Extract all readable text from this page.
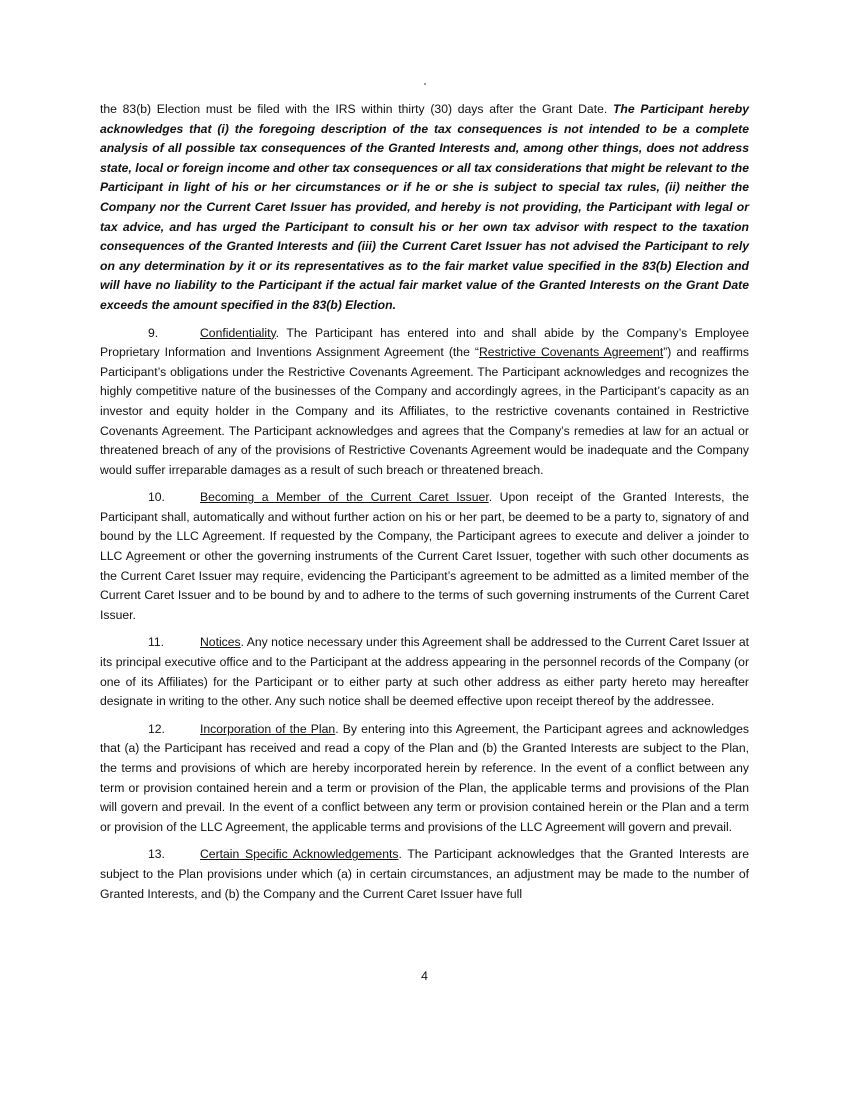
the 83(b) Election must be filed with the IRS within thirty (30) days after the Grant Date. The Participant hereby acknowledges that (i) the foregoing description of the tax consequences is not intended to be a complete analysis of all possible tax consequences of the Granted Interests and, among other things, does not address state, local or foreign income and other tax consequences or all tax considerations that might be relevant to the Participant in light of his or her circumstances or if he or she is subject to special tax rules, (ii) neither the Company nor the Current Caret Issuer has provided, and hereby is not providing, the Participant with legal or tax advice, and has urged the Participant to consult his or her own tax advisor with respect to the taxation consequences of the Granted Interests and (iii) the Current Caret Issuer has not advised the Participant to rely on any determination by it or its representatives as to the fair market value specified in the 83(b) Election and will have no liability to the Participant if the actual fair market value of the Granted Interests on the Grant Date exceeds the amount specified in the 83(b) Election.

9.	Confidentiality. The Participant has entered into and shall abide by the Company’s Employee Proprietary Information and Inventions Assignment Agreement (the “Restrictive Covenants Agreement”) and reaffirms Participant’s obligations under the Restrictive Covenants Agreement. The Participant acknowledges and recognizes the highly competitive nature of the businesses of the Company and accordingly agrees, in the Participant’s capacity as an investor and equity holder in the Company and its Affiliates, to the restrictive covenants contained in Restrictive Covenants Agreement. The Participant acknowledges and agrees that the Company’s remedies at law for an actual or threatened breach of any of the provisions of Restrictive Covenants Agreement would be inadequate and the Company would suffer irreparable damages as a result of such breach or threatened breach.

10.	Becoming a Member of the Current Caret Issuer. Upon receipt of the Granted Interests, the Participant shall, automatically and without further action on his or her part, be deemed to be a party to, signatory of and bound by the LLC Agreement. If requested by the Company, the Participant agrees to execute and deliver a joinder to LLC Agreement or other the governing instruments of the Current Caret Issuer, together with such other documents as the Current Caret Issuer may require, evidencing the Participant’s agreement to be admitted as a limited member of the Current Caret Issuer and to be bound by and to adhere to the terms of such governing instruments of the Current Caret Issuer.

11.	Notices. Any notice necessary under this Agreement shall be addressed to the Current Caret Issuer at its principal executive office and to the Participant at the address appearing in the personnel records of the Company (or one of its Affiliates) for the Participant or to either party at such other address as either party hereto may hereafter designate in writing to the other. Any such notice shall be deemed effective upon receipt thereof by the addressee.

12.	Incorporation of the Plan. By entering into this Agreement, the Participant agrees and acknowledges that (a) the Participant has received and read a copy of the Plan and (b) the Granted Interests are subject to the Plan, the terms and provisions of which are hereby incorporated herein by reference. In the event of a conflict between any term or provision contained herein and a term or provision of the Plan, the applicable terms and provisions of the Plan will govern and prevail. In the event of a conflict between any term or provision contained herein or the Plan and a term or provision of the LLC Agreement, the applicable terms and provisions of the LLC Agreement will govern and prevail.

13.	Certain Specific Acknowledgements. The Participant acknowledges that the Granted Interests are subject to the Plan provisions under which (a) in certain circumstances, an adjustment may be made to the number of Granted Interests, and (b) the Company and the Current Caret Issuer have full

4
